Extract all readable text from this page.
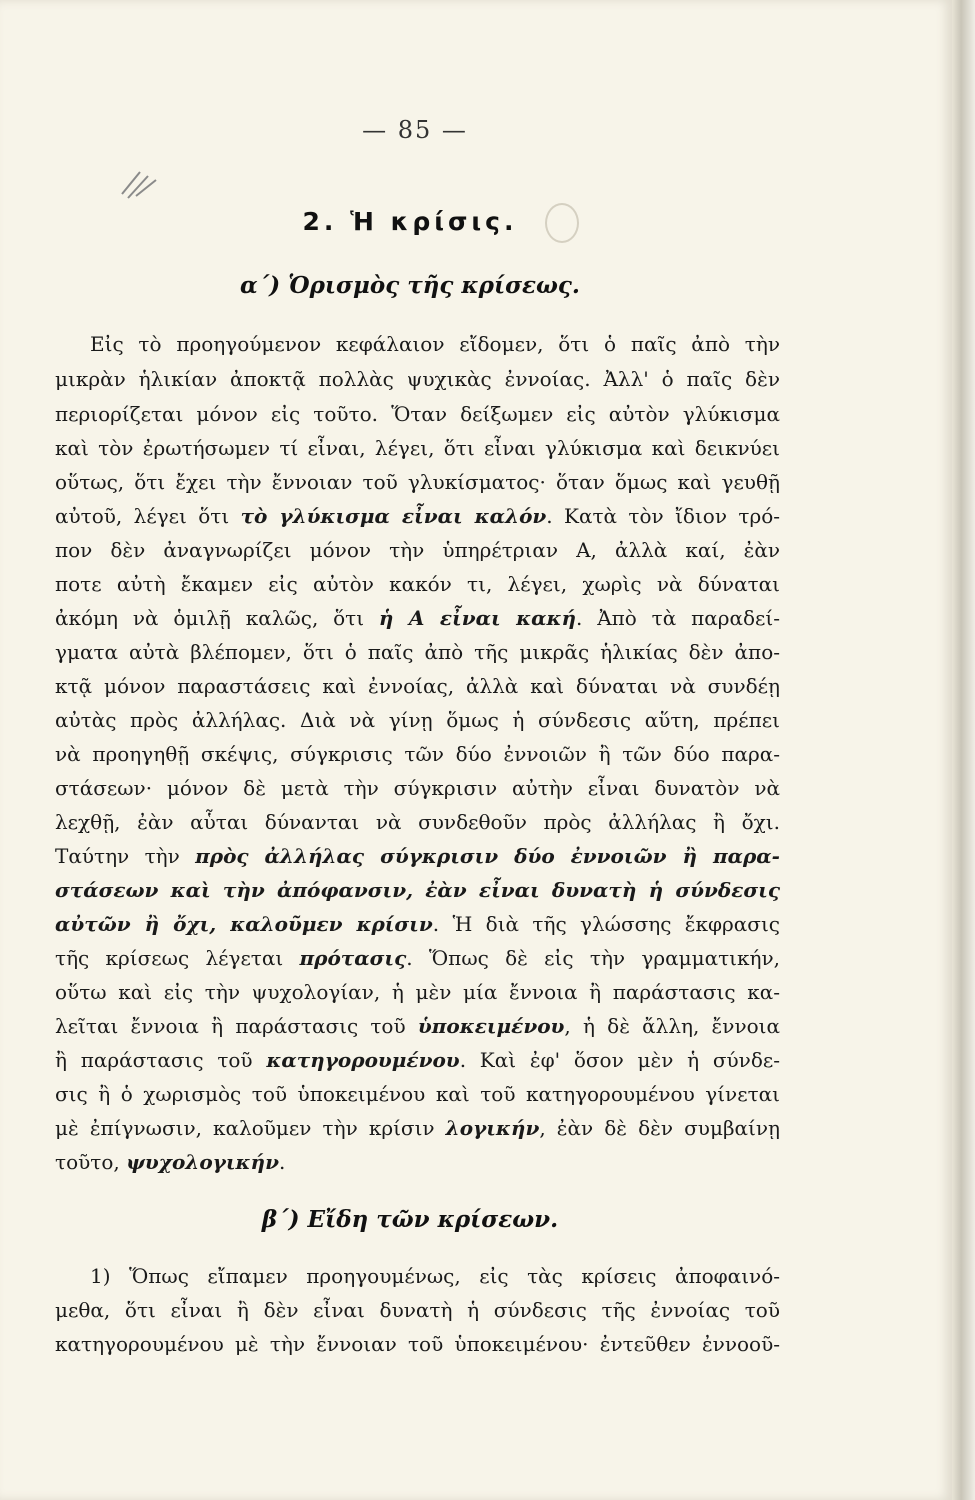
— 85 —
2. Ἡ κρίσις.
α΄) Ὁρισμὸς τῆς κρίσεως.
Εἰς τὸ προηγούμενον κεφάλαιον εἴδομεν, ὅτι ὁ παῖς ἀπὸ τὴν
μικρὰν ἡλικίαν ἀποκτᾷ πολλὰς ψυχικὰς ἐννοίας. Ἀλλ' ὁ παῖς δὲν
περιορίζεται μόνον εἰς τοῦτο. Ὅταν δείξωμεν εἰς αὐτὸν γλύκισμα
καὶ τὸν ἐρωτήσωμεν τί εἶναι, λέγει, ὅτι εἶναι γλύκισμα καὶ δεικνύει
οὕτως, ὅτι ἔχει τὴν ἔννοιαν τοῦ γλυκίσματος· ὅταν ὅμως καὶ γευθῇ
αὐτοῦ, λέγει ὅτι τὸ γλύκισμα εἶναι καλόν. Κατὰ τὸν ἴδιον τρό-
πον δὲν ἀναγνωρίζει μόνον τὴν ὑπηρέτριαν Α, ἀλλὰ καί, ἐὰν
ποτε αὐτὴ ἔκαμεν εἰς αὐτὸν κακόν τι, λέγει, χωρὶς νὰ δύναται
ἀκόμη νὰ ὁμιλῇ καλῶς, ὅτι ἡ Α εἶναι κακή. Ἀπὸ τὰ παραδεί-
γματα αὐτὰ βλέπομεν, ὅτι ὁ παῖς ἀπὸ τῆς μικρᾶς ἡλικίας δὲν ἀπο-
κτᾷ μόνον παραστάσεις καὶ ἐννοίας, ἀλλὰ καὶ δύναται νὰ συνδέῃ
αὐτὰς πρὸς ἀλλήλας. Διὰ νὰ γίνῃ ὅμως ἡ σύνδεσις αὕτη, πρέπει
νὰ προηγηθῇ σκέψις, σύγκρισις τῶν δύο ἐννοιῶν ἢ τῶν δύο παρα-
στάσεων· μόνον δὲ μετὰ τὴν σύγκρισιν αὐτὴν εἶναι δυνατὸν νὰ
λεχθῇ, ἐὰν αὗται δύνανται νὰ συνδεθοῦν πρὸς ἀλλήλας ἢ ὄχι.
Ταύτην τὴν πρὸς ἀλλήλας σύγκρισιν δύο ἐννοιῶν ἢ παρα-
στάσεων καὶ τὴν ἀπόφανσιν, ἐὰν εἶναι δυνατὴ ἡ σύνδεσις
αὐτῶν ἢ ὄχι, καλοῦμεν κρίσιν. Ἡ διὰ τῆς γλώσσης ἔκφρασις
τῆς κρίσεως λέγεται πρότασις. Ὅπως δὲ εἰς τὴν γραμματικήν,
οὕτω καὶ εἰς τὴν ψυχολογίαν, ἡ μὲν μία ἔννοια ἢ παράστασις κα-
λεῖται ἔννοια ἢ παράστασις τοῦ ὑποκειμένου, ἡ δὲ ἄλλη, ἔννοια
ἢ παράστασις τοῦ κατηγορουμένου. Καὶ ἐφ' ὅσον μὲν ἡ σύνδε-
σις ἢ ὁ χωρισμὸς τοῦ ὑποκειμένου καὶ τοῦ κατηγορουμένου γίνεται
μὲ ἐπίγνωσιν, καλοῦμεν τὴν κρίσιν λογικήν, ἐὰν δὲ δὲν συμβαίνῃ
τοῦτο, ψυχολογικήν.
β΄) Εἴδη τῶν κρίσεων.
1) Ὅπως εἴπαμεν προηγουμένως, εἰς τὰς κρίσεις ἀποφαινό-
μεθα, ὅτι εἶναι ἢ δὲν εἶναι δυνατὴ ἡ σύνδεσις τῆς ἐννοίας τοῦ
κατηγορουμένου μὲ τὴν ἔννοιαν τοῦ ὑποκειμένου· ἐντεῦθεν ἐννοοῦ-
